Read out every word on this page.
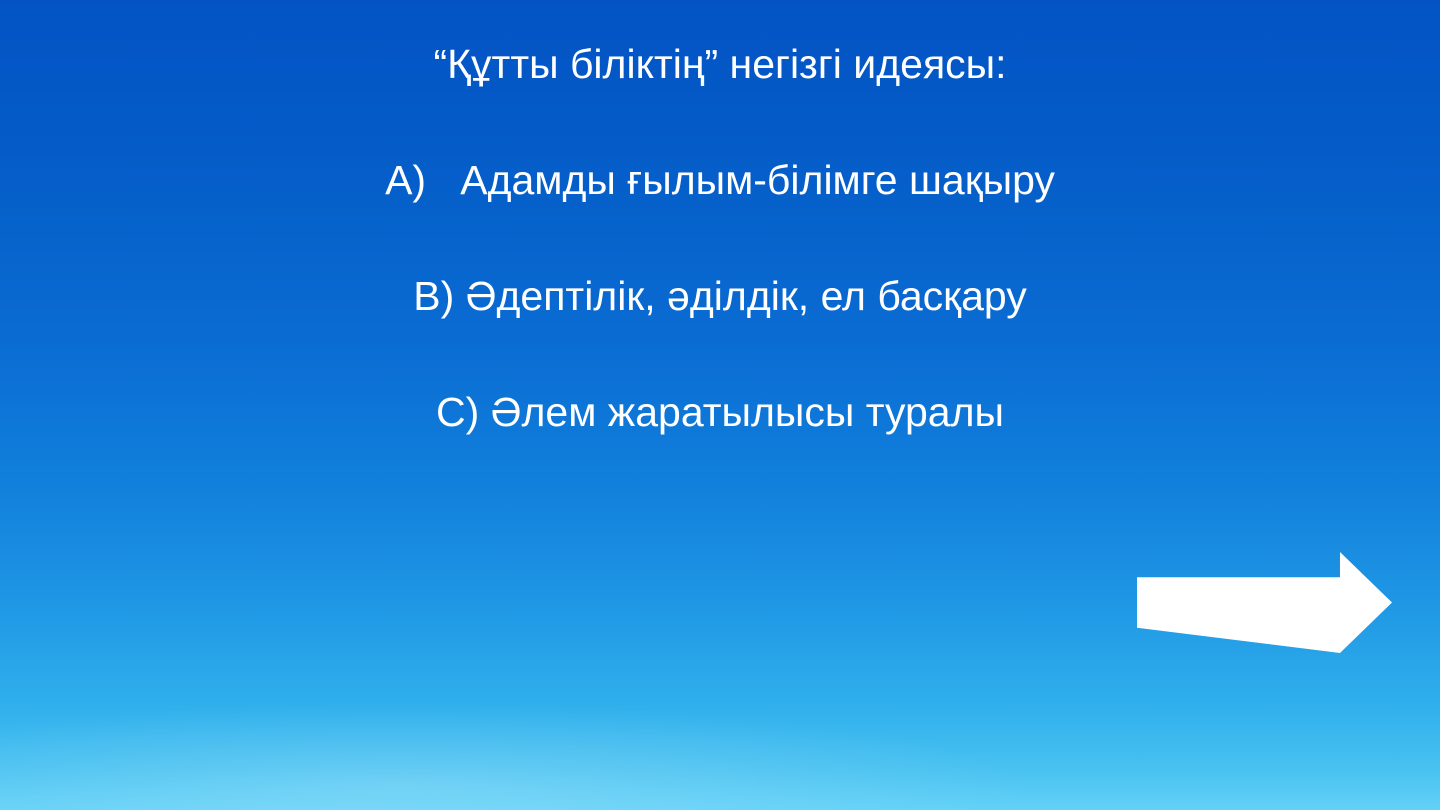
“Құтты біліктің” негізгі идеясы:
A)   Адамды ғылым-білімге шақыру
B) Әдептілік, әділдік, ел басқару
C) Әлем жаратылысы туралы
